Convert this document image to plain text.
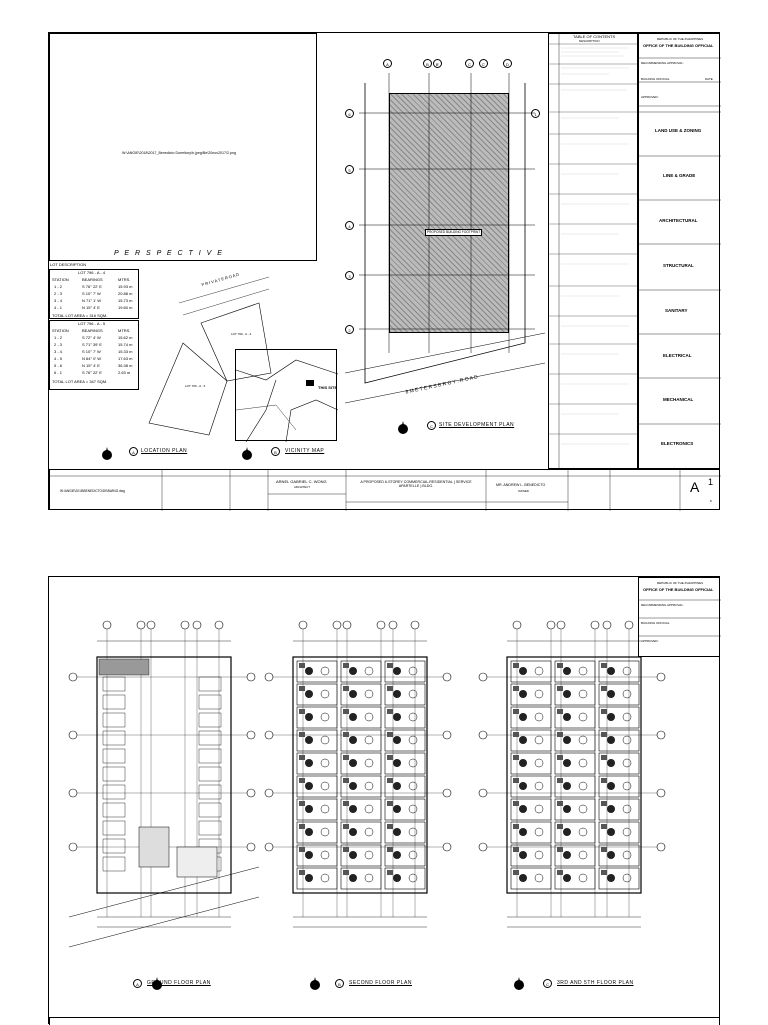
W:\ANGIE\2018\2017_Benedicto Dormitory\b.jpeg\Be\20nov2017\2.png
P E R S P E C T I V E
LOT DESCRIPTION
LOT 796 - A - 4
STATION	BEARINGS	MTRS.
1 - 2	S 76° 22' E	15.93 m
2 - 3	S 10° 7' W	20.88 m
3 - 4	N 71° 1' W	15.73 m
4 - 1	N 15° 4' E	19.60 m
TOTAL LOT AREA = 316 SQM.
LOT 796 - A - 5
STATION	BEARINGS	MTRS.
1 - 2	S 72° 4' W	15.62 m
2 - 3	S 71° 39' E	15.74 m
3 - 4	S 10° 7' W	15.33 m
4 - 5	N 64° 0' W	17.63 m
5 - 6	N 15° 4' E	36.38 m
6 - 1	S 76° 22' E	2.63 m
TOTAL LOT AREA = 347 SQM.
P R I V A T E R O A D
LOT 796 - A - 4
LOT 796 - A - 5
A	LOCATION PLAN
THIS SITE
B	VICINITY MAP
A	B	B'	C	C'	D
6
5
4
3
2
1
PROPOSED BUILDING FOOTPRINT
8 M E T E R S B R G Y . R O A D
C	SITE DEVELOPMENT PLAN
TABLE OF CONTENTS
DESCRIPTION	REPUBLIC OF THE PHILIPPINES
OFFICE OF THE BUILDING OFFICIAL
RECOMMENDING APPROVAL:
BUILDING OFFICIAL	DATE
APPROVED:
LAND USE & ZONING
LINE & GRADE
ARCHITECTURAL
STRUCTURAL
SANITARY
ELECTRICAL
MECHANICAL
ELECTRONICS
W:\ANGIE\2018\BENEDICTO\DRAWING.dwg
ARNEL GABRIEL C. WONG
ARCHITECT
A PROPOSED 6-STOREY COMMERCIAL-RESIDENTIAL ( SERVICE APARTELLE ) BLDG.	MR. ANDREW L. BENEDICTO
OWNER	A 1
8
REPUBLIC OF THE PHILIPPINES
OFFICE OF THE BUILDING OFFICIAL
RECOMMENDING APPROVAL:
BUILDING OFFICIAL
APPROVED:
A	GROUND FLOOR PLAN	B	SECOND FLOOR PLAN	C	3RD AND 5TH FLOOR PLAN
